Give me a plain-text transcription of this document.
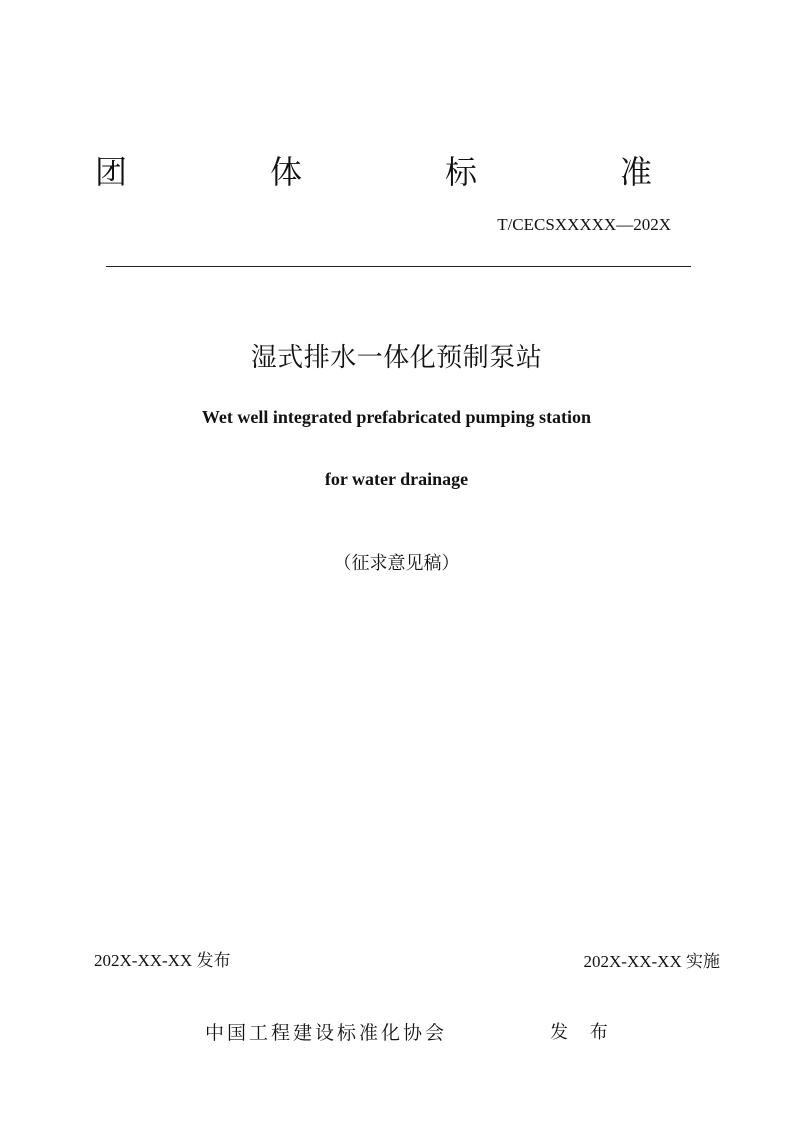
团	体	标	准
T/CECSXXXXX—202X
湿式排水一体化预制泵站
Wet well integrated prefabricated pumping station
for water drainage
（征求意见稿）
202X-XX-XX 发布	202X-XX-XX 实施
中国工程建设标准化协会	发 布
